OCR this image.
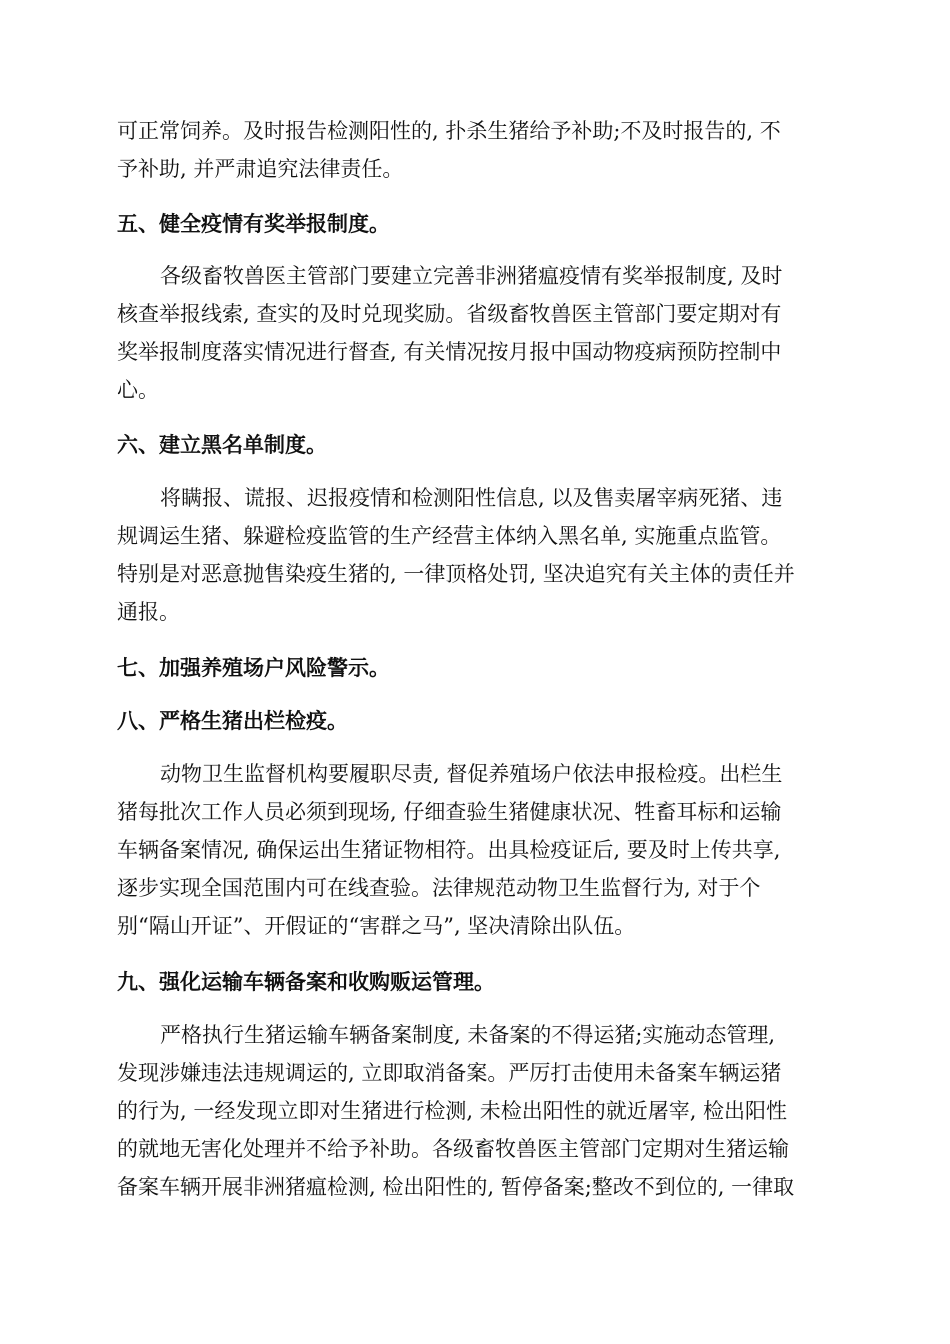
可正常饲养。及时报告检测阳性的, 扑杀生猪给予补助;不及时报告的, 不
予补助, 并严肃追究法律责任。
五、健全疫情有奖举报制度。
各级畜牧兽医主管部门要建立完善非洲猪瘟疫情有奖举报制度, 及时
核查举报线索, 查实的及时兑现奖励。省级畜牧兽医主管部门要定期对有
奖举报制度落实情况进行督查, 有关情况按月报中国动物疫病预防控制中
心。
六、建立黑名单制度。
将瞒报、谎报、迟报疫情和检测阳性信息, 以及售卖屠宰病死猪、违
规调运生猪、躲避检疫监管的生产经营主体纳入黑名单, 实施重点监管。
特别是对恶意抛售染疫生猪的, 一律顶格处罚, 坚决追究有关主体的责任并
通报。
七、加强养殖场户风险警示。
八、严格生猪出栏检疫。
动物卫生监督机构要履职尽责, 督促养殖场户依法申报检疫。出栏生
猪每批次工作人员必须到现场, 仔细查验生猪健康状况、牲畜耳标和运输
车辆备案情况, 确保运出生猪证物相符。出具检疫证后, 要及时上传共享,
逐步实现全国范围内可在线查验。法律规范动物卫生监督行为, 对于个
别“隔山开证”、开假证的“害群之马”, 坚决清除出队伍。
九、强化运输车辆备案和收购贩运管理。
严格执行生猪运输车辆备案制度, 未备案的不得运猪;实施动态管理,
发现涉嫌违法违规调运的, 立即取消备案。严厉打击使用未备案车辆运猪
的行为, 一经发现立即对生猪进行检测, 未检出阳性的就近屠宰, 检出阳性
的就地无害化处理并不给予补助。各级畜牧兽医主管部门定期对生猪运输
备案车辆开展非洲猪瘟检测, 检出阳性的, 暂停备案;整改不到位的, 一律取
